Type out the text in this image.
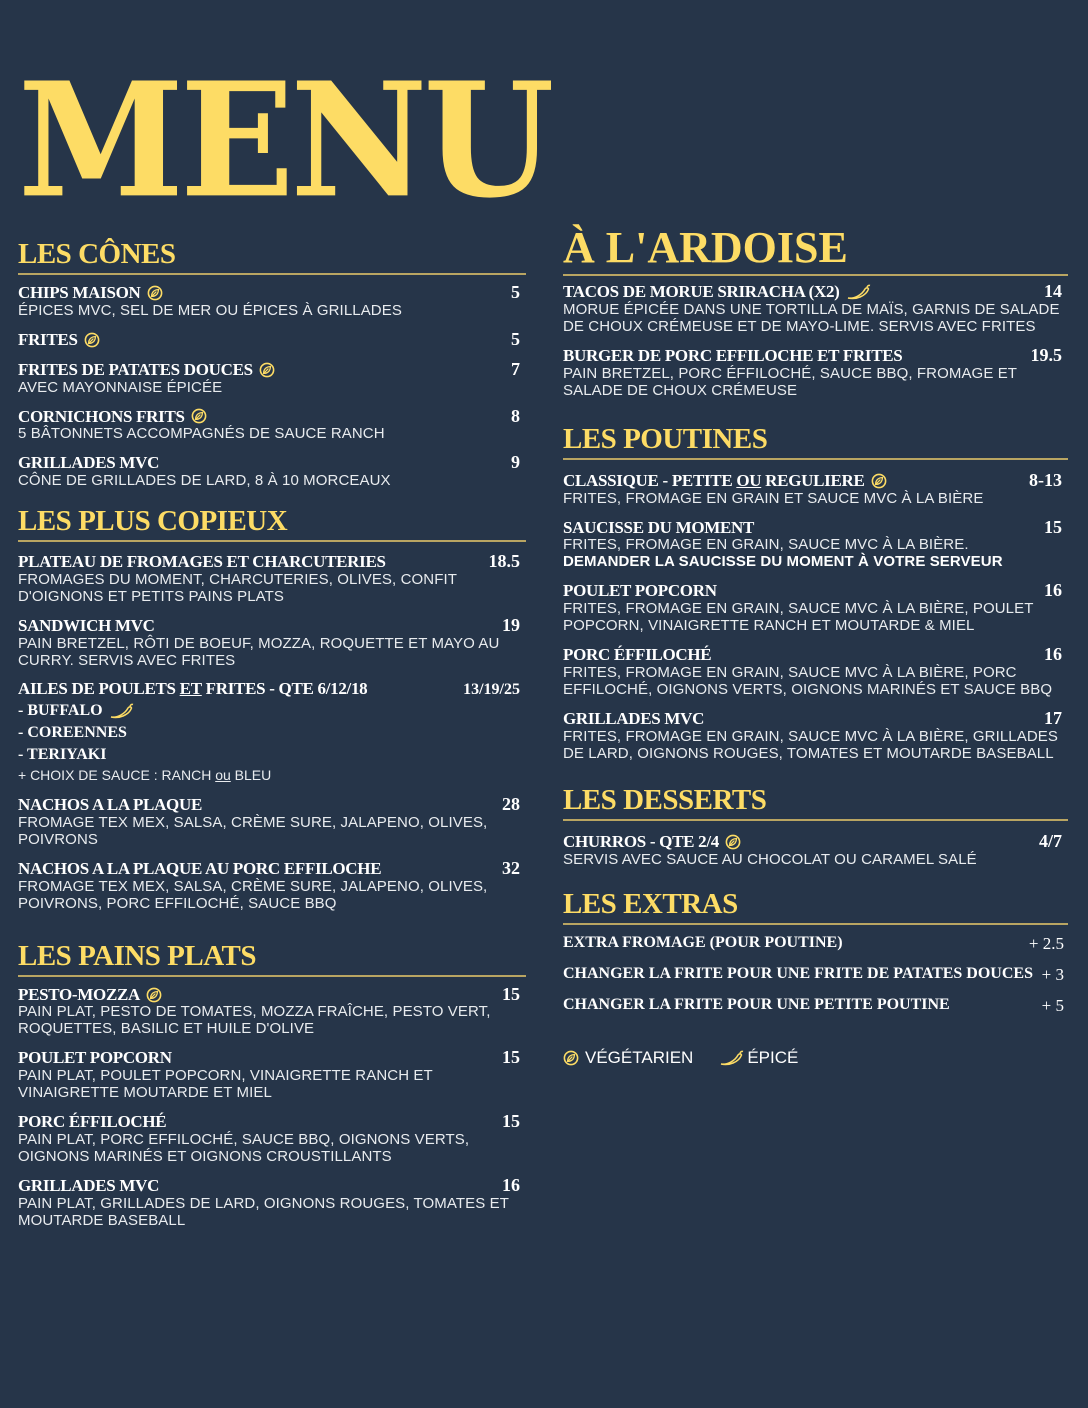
MENU
LES CÔNES
CHIPS MAISON	5
ÉPICES MVC, SEL DE MER OU ÉPICES À GRILLADES
FRITES	5
FRITES DE PATATES DOUCES	7
AVEC MAYONNAISE ÉPICÉE
CORNICHONS FRITS	8
5 BÂTONNETS ACCOMPAGNÉS DE SAUCE RANCH
GRILLADES MVC	9
CÔNE DE GRILLADES DE LARD, 8 À 10 MORCEAUX
LES PLUS COPIEUX
PLATEAU DE FROMAGES ET CHARCUTERIES	18.5
FROMAGES DU MOMENT, CHARCUTERIES, OLIVES, CONFIT D'OIGNONS ET PETITS PAINS PLATS
SANDWICH MVC	19
PAIN BRETZEL, RÔTI DE BOEUF, MOZZA, ROQUETTE ET MAYO AU CURRY. SERVIS AVEC FRITES
AILES DE POULETS ET FRITES - QTE 6/12/18	13/19/25
- BUFFALO
- COREENNES
- TERIYAKI
+ CHOIX DE SAUCE : RANCH ou BLEU
NACHOS A LA PLAQUE	28
FROMAGE TEX MEX, SALSA, CRÈME SURE, JALAPENO, OLIVES, POIVRONS
NACHOS A LA PLAQUE AU PORC EFFILOCHE	32
FROMAGE TEX MEX, SALSA, CRÈME SURE, JALAPENO, OLIVES, POIVRONS, PORC EFFILOCHÉ, SAUCE BBQ
LES PAINS PLATS
PESTO-MOZZA	15
PAIN PLAT, PESTO DE TOMATES, MOZZA FRAÎCHE, PESTO VERT, ROQUETTES, BASILIC ET HUILE D'OLIVE
POULET POPCORN	15
PAIN PLAT, POULET POPCORN, VINAIGRETTE RANCH ET VINAIGRETTE MOUTARDE ET MIEL
PORC ÉFFILOCHÉ	15
PAIN PLAT, PORC EFFILOCHÉ, SAUCE BBQ, OIGNONS VERTS, OIGNONS MARINÉS ET OIGNONS CROUSTILLANTS
GRILLADES MVC	16
PAIN PLAT, GRILLADES DE LARD, OIGNONS ROUGES, TOMATES ET MOUTARDE BASEBALL
À L'ARDOISE
TACOS DE MORUE SRIRACHA (X2)	14
MORUE ÉPICÉE DANS UNE TORTILLA DE MAÏS, GARNIS DE SALADE DE CHOUX CRÉMEUSE ET DE MAYO-LIME. SERVIS AVEC FRITES
BURGER DE PORC EFFILOCHE ET FRITES	19.5
PAIN BRETZEL, PORC ÉFFILOCHÉ, SAUCE BBQ, FROMAGE ET SALADE DE CHOUX CRÉMEUSE
LES POUTINES
CLASSIQUE - PETITE OU REGULIERE	8-13
FRITES, FROMAGE EN GRAIN ET SAUCE MVC À LA BIÈRE
SAUCISSE DU MOMENT	15
FRITES, FROMAGE EN GRAIN, SAUCE MVC À LA BIÈRE.
DEMANDER LA SAUCISSE DU MOMENT À VOTRE SERVEUR
POULET POPCORN	16
FRITES, FROMAGE EN GRAIN, SAUCE MVC À LA BIÈRE, POULET POPCORN, VINAIGRETTE RANCH ET MOUTARDE & MIEL
PORC ÉFFILOCHÉ	16
FRITES, FROMAGE EN GRAIN, SAUCE MVC À LA BIÈRE, PORC EFFILOCHÉ, OIGNONS VERTS, OIGNONS MARINÉS ET SAUCE BBQ
GRILLADES MVC	17
FRITES, FROMAGE EN GRAIN, SAUCE MVC À LA BIÈRE, GRILLADES DE LARD, OIGNONS ROUGES, TOMATES ET MOUTARDE BASEBALL
LES DESSERTS
CHURROS - QTE 2/4	4/7
SERVIS AVEC SAUCE AU CHOCOLAT OU CARAMEL SALÉ
LES EXTRAS
EXTRA FROMAGE (POUR POUTINE)	+ 2.5
CHANGER LA FRITE POUR UNE FRITE DE PATATES DOUCES + 3
CHANGER LA FRITE POUR UNE PETITE POUTINE	+ 5
VÉGÉTARIEN	ÉPICÉ
